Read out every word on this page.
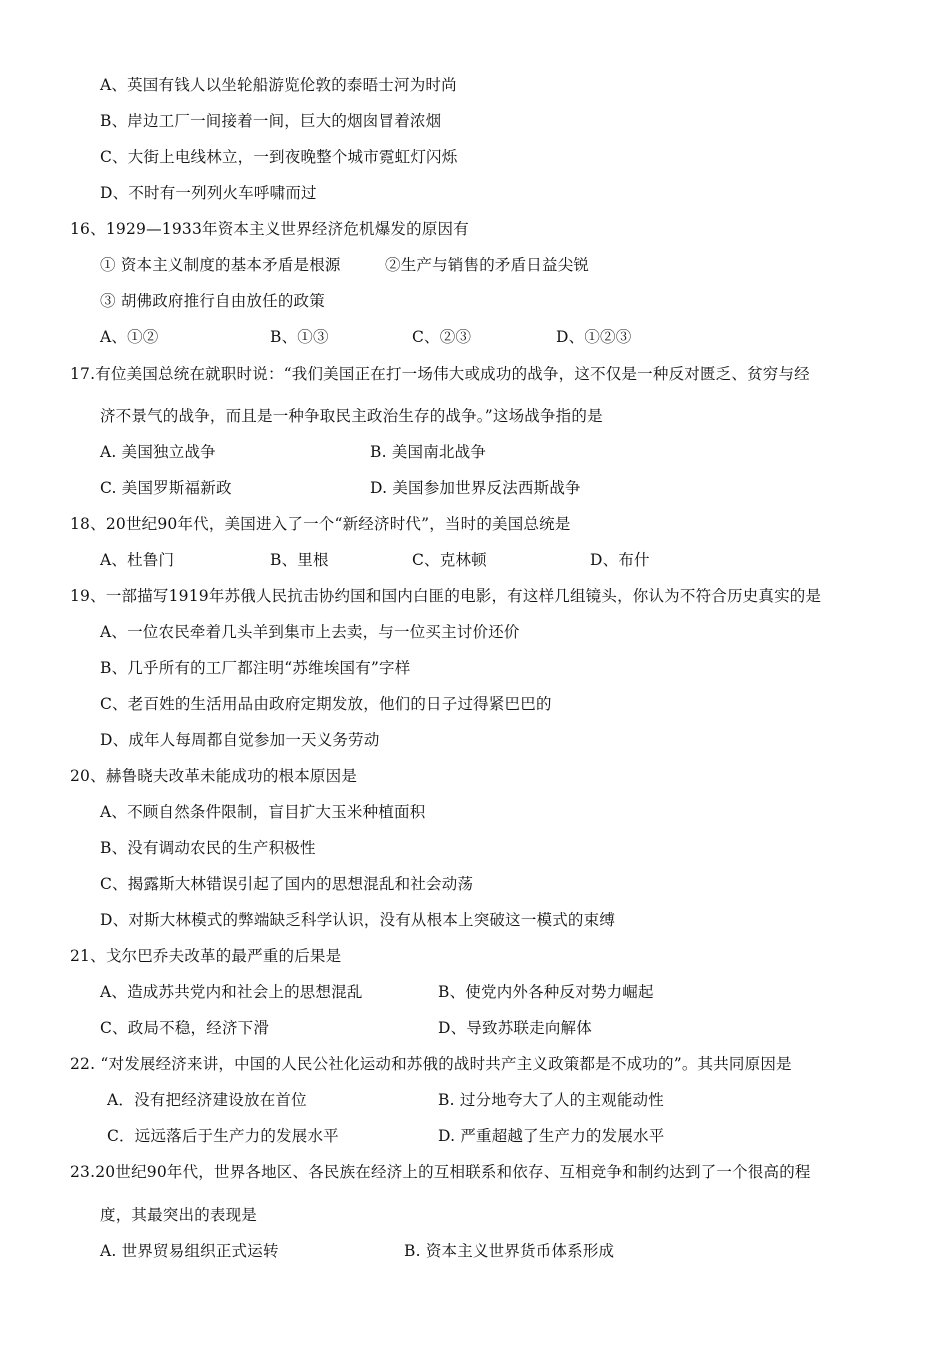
A、英国有钱人以坐轮船游览伦敦的泰晤士河为时尚
B、岸边工厂一间接着一间，巨大的烟囱冒着浓烟
C、大街上电线林立，一到夜晚整个城市霓虹灯闪烁
D、不时有一列列火车呼啸而过
16、1929—1933年资本主义世界经济危机爆发的原因有
① 资本主义制度的基本矛盾是根源	②生产与销售的矛盾日益尖锐
③ 胡佛政府推行自由放任的政策
A、①②	B、①③	C、②③	D、①②③
17.有位美国总统在就职时说：“我们美国正在打一场伟大或成功的战争，这不仅是一种反对匮乏、贫穷与经
济不景气的战争，而且是一种争取民主政治生存的战争。”这场战争指的是
A. 美国独立战争	B. 美国南北战争
C. 美国罗斯福新政	D. 美国参加世界反法西斯战争
18、20世纪90年代，美国进入了一个“新经济时代”，当时的美国总统是
A、杜鲁门	B、里根	C、克林顿	D、布什
19、一部描写1919年苏俄人民抗击协约国和国内白匪的电影，有这样几组镜头，你认为不符合历史真实的是
A、一位农民牵着几头羊到集市上去卖，与一位买主讨价还价
B、几乎所有的工厂都注明“苏维埃国有”字样
C、老百姓的生活用品由政府定期发放，他们的日子过得紧巴巴的
D、成年人每周都自觉参加一天义务劳动
20、赫鲁晓夫改革未能成功的根本原因是
A、不顾自然条件限制，盲目扩大玉米种植面积
B、没有调动农民的生产积极性
C、揭露斯大林错误引起了国内的思想混乱和社会动荡
D、对斯大林模式的弊端缺乏科学认识，没有从根本上突破这一模式的束缚
21、戈尔巴乔夫改革的最严重的后果是
A、造成苏共党内和社会上的思想混乱	B、使党内外各种反对势力崛起
C、政局不稳，经济下滑	D、导致苏联走向解体
22. “对发展经济来讲，中国的人民公社化运动和苏俄的战时共产主义政策都是不成功的”。其共同原因是
A．没有把经济建设放在首位	B. 过分地夸大了人的主观能动性
C．远远落后于生产力的发展水平	D. 严重超越了生产力的发展水平
23.20世纪90年代，世界各地区、各民族在经济上的互相联系和依存、互相竞争和制约达到了一个很高的程
度，其最突出的表现是
A. 世界贸易组织正式运转	B. 资本主义世界货币体系形成
